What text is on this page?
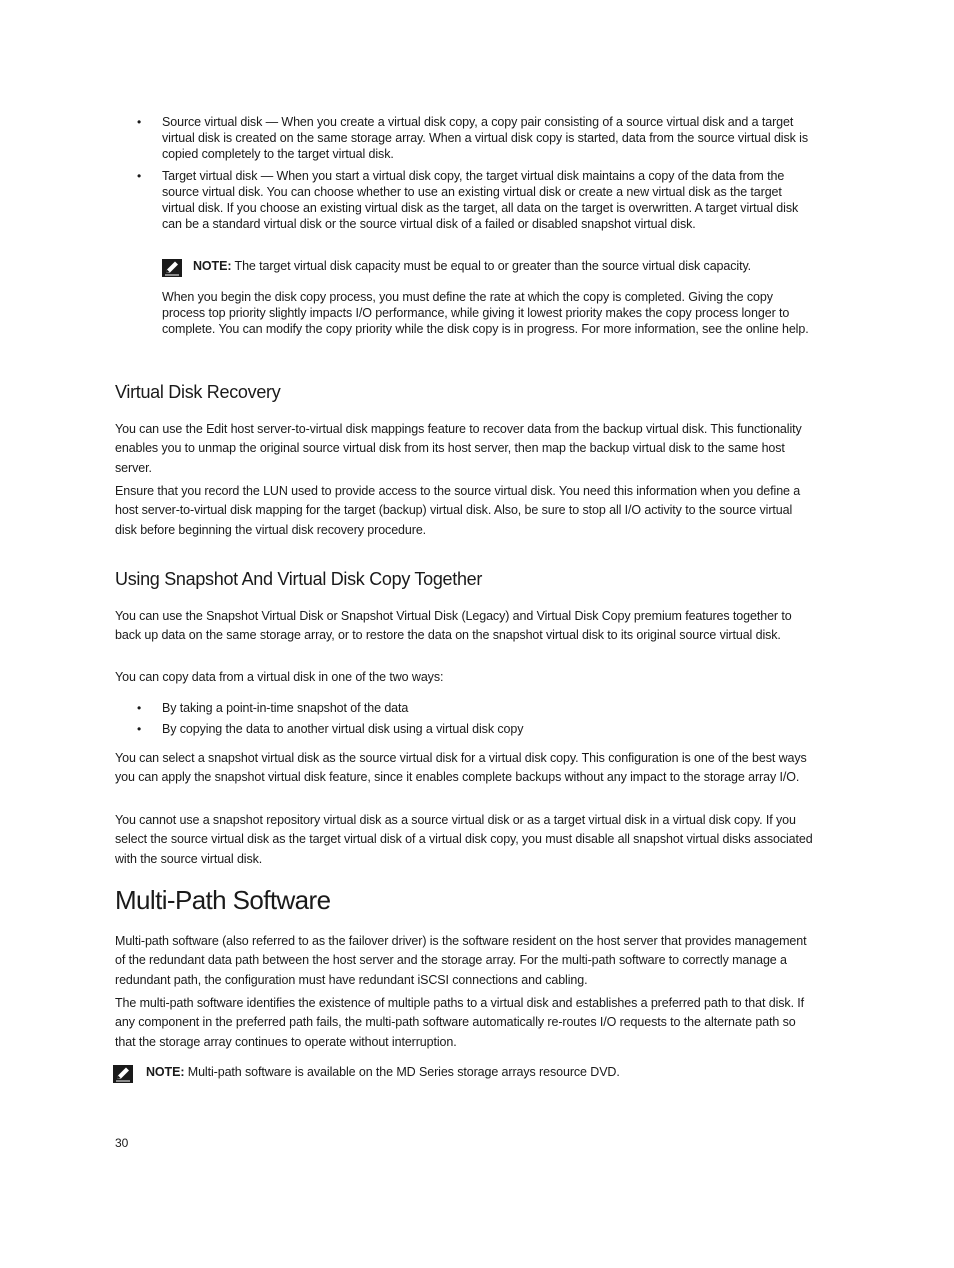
•	Source virtual disk — When you create a virtual disk copy, a copy pair consisting of a source virtual disk and a target virtual disk is created on the same storage array. When a virtual disk copy is started, data from the source virtual disk is copied completely to the target virtual disk.
•	Target virtual disk — When you start a virtual disk copy, the target virtual disk maintains a copy of the data from the source virtual disk. You can choose whether to use an existing virtual disk or create a new virtual disk as the target virtual disk. If you choose an existing virtual disk as the target, all data on the target is overwritten. A target virtual disk can be a standard virtual disk or the source virtual disk of a failed or disabled snapshot virtual disk.
NOTE: The target virtual disk capacity must be equal to or greater than the source virtual disk capacity.
When you begin the disk copy process, you must define the rate at which the copy is completed. Giving the copy process top priority slightly impacts I/O performance, while giving it lowest priority makes the copy process longer to complete. You can modify the copy priority while the disk copy is in progress. For more information, see the online help.
Virtual Disk Recovery
You can use the Edit host server-to-virtual disk mappings feature to recover data from the backup virtual disk. This functionality enables you to unmap the original source virtual disk from its host server, then map the backup virtual disk to the same host server.
Ensure that you record the LUN used to provide access to the source virtual disk. You need this information when you define a host server-to-virtual disk mapping for the target (backup) virtual disk. Also, be sure to stop all I/O activity to the source virtual disk before beginning the virtual disk recovery procedure.
Using Snapshot And Virtual Disk Copy Together
You can use the Snapshot Virtual Disk or Snapshot Virtual Disk (Legacy) and Virtual Disk Copy premium features together to back up data on the same storage array, or to restore the data on the snapshot virtual disk to its original source virtual disk.
You can copy data from a virtual disk in one of the two ways:
•	By taking a point-in-time snapshot of the data
•	By copying the data to another virtual disk using a virtual disk copy
You can select a snapshot virtual disk as the source virtual disk for a virtual disk copy. This configuration is one of the best ways you can apply the snapshot virtual disk feature, since it enables complete backups without any impact to the storage array I/O.
You cannot use a snapshot repository virtual disk as a source virtual disk or as a target virtual disk in a virtual disk copy. If you select the source virtual disk as the target virtual disk of a virtual disk copy, you must disable all snapshot virtual disks associated with the source virtual disk.
Multi-Path Software
Multi-path software (also referred to as the failover driver) is the software resident on the host server that provides management of the redundant data path between the host server and the storage array. For the multi-path software to correctly manage a redundant path, the configuration must have redundant iSCSI connections and cabling.
The multi-path software identifies the existence of multiple paths to a virtual disk and establishes a preferred path to that disk. If any component in the preferred path fails, the multi-path software automatically re-routes I/O requests to the alternate path so that the storage array continues to operate without interruption.
NOTE: Multi-path software is available on the MD Series storage arrays resource DVD.
30
